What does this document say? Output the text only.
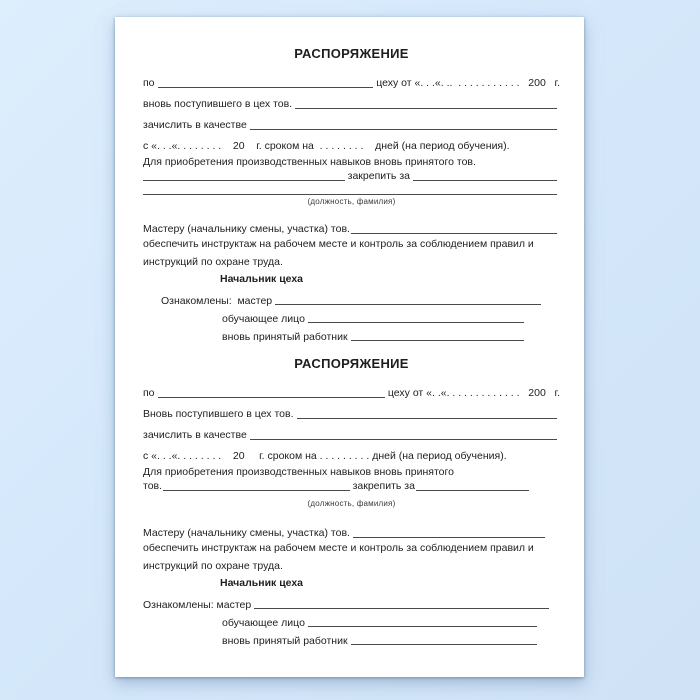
РАСПОРЯЖЕНИЕ
по	цеху от «. . .«. ..  . . . . . . . . . . .   200   г.
вновь поступившего в цех тов.
зачислить в качестве
с «. . .«. . . . . . . .    20    г. сроком на  . . . . . . . .    дней (на период обучения).
Для приобретения производственных навыков вновь принятого тов.
закрепить за
(должность, фамилия)
Мастеру (начальнику смены, участка) тов.
обеспечить инструктаж на рабочем месте и контроль за соблюдением правил и
инструкций по охране труда.
Начальник цеха
Ознакомлены:  мастер
обучающее лицо
вновь принятый работник
РАСПОРЯЖЕНИЕ
по	цеху от «. .«. . . . . . . . . . . . .   200   г.
Вновь поступившего в цех тов.
зачислить в качестве
с «. . .«. . . . . . . .    20     г. сроком на . . . . . . . . . дней (на период обучения).
Для приобретения производственных навыков вновь принятого
тов.	закрепить за
(должность, фамилия)
Мастеру (начальнику смены, участка) тов.
обеспечить инструктаж на рабочем месте и контроль за соблюдением правил и
инструкций по охране труда.
Начальник цеха
Ознакомлены: мастер
обучающее лицо
вновь принятый работник
